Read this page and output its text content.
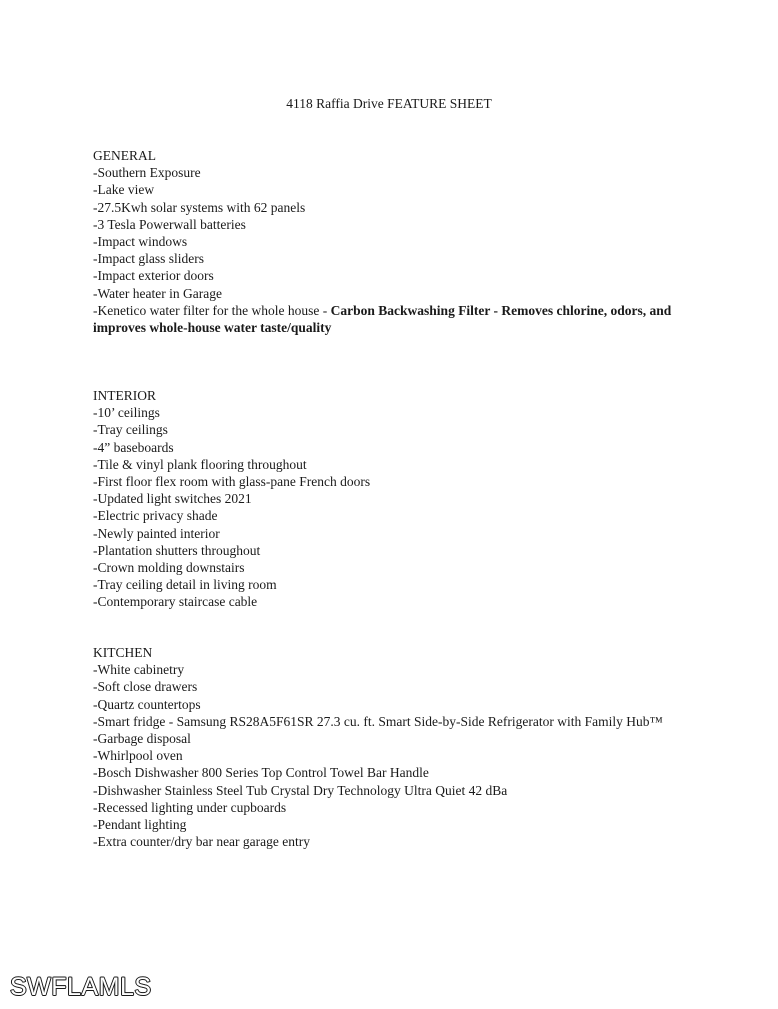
4118 Raffia Drive FEATURE SHEET
GENERAL
-Southern Exposure
-Lake view
-27.5Kwh solar systems with 62 panels
-3 Tesla Powerwall batteries
-Impact windows
-Impact glass sliders
-Impact exterior doors
-Water heater in Garage
-Kenetico water filter for the whole house - Carbon Backwashing Filter - Removes chlorine, odors, and improves whole-house water taste/quality
INTERIOR
-10’ ceilings
-Tray ceilings
-4” baseboards
-Tile & vinyl plank flooring throughout
-First floor flex room with glass-pane French doors
-Updated light switches 2021
-Electric privacy shade
-Newly painted interior
-Plantation shutters throughout
-Crown molding downstairs
-Tray ceiling detail in living room
-Contemporary staircase cable
KITCHEN
-White cabinetry
-Soft close drawers
-Quartz countertops
-Smart fridge - Samsung RS28A5F61SR 27.3 cu. ft. Smart Side-by-Side Refrigerator with Family Hub™
-Garbage disposal
-Whirlpool oven
-Bosch Dishwasher 800 Series Top Control Towel Bar Handle
-Dishwasher Stainless Steel Tub Crystal Dry Technology Ultra Quiet 42 dBa
-Recessed lighting under cupboards
-Pendant lighting
-Extra counter/dry bar near garage entry
SWFLAMLS
